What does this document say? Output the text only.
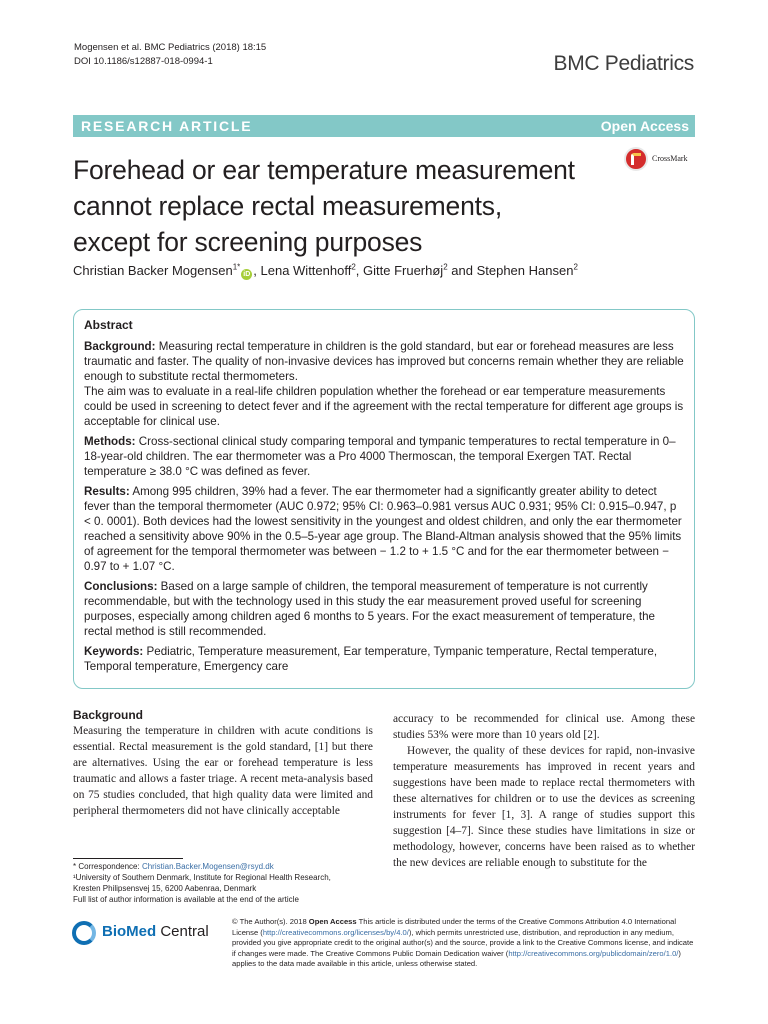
Mogensen et al. BMC Pediatrics (2018) 18:15
DOI 10.1186/s12887-018-0994-1	BMC Pediatrics
RESEARCH ARTICLE	Open Access
Forehead or ear temperature measurement
cannot replace rectal measurements,
except for screening purposes
CrossMark
Christian Backer Mogensen$^{1*}$iD , Lena Wittenhoff$^2$, Gitte Fruerhøj$^2$ and Stephen Hansen$^2$
Abstract
Background: Measuring rectal temperature in children is the gold standard, but ear or forehead measures are less traumatic and faster. The quality of non-invasive devices has improved but concerns remain whether they are reliable enough to substitute rectal thermometers.
The aim was to evaluate in a real-life children population whether the forehead or ear temperature measurements could be used in screening to detect fever and if the agreement with the rectal temperature for different age groups is acceptable for clinical use.
Methods: Cross-sectional clinical study comparing temporal and tympanic temperatures to rectal temperature in 0–18-year-old children. The ear thermometer was a Pro 4000 Thermoscan, the temporal Exergen TAT. Rectal temperature ≥ 38.0 °C was defined as fever.
Results: Among 995 children, 39% had a fever. The ear thermometer had a significantly greater ability to detect fever than the temporal thermometer (AUC 0.972; 95% CI: 0.963–0.981 versus AUC 0.931; 95% CI: 0.915–0.947, p < 0. 0001). Both devices had the lowest sensitivity in the youngest and oldest children, and only the ear thermometer reached a sensitivity above 90% in the 0.5–5-year age group. The Bland-Altman analysis showed that the 95% limits of agreement for the temporal thermometer was between − 1.2 to + 1.5 °C and for the ear thermometer between − 0.97 to + 1.07 °C.
Conclusions: Based on a large sample of children, the temporal measurement of temperature is not currently recommendable, but with the technology used in this study the ear measurement proved useful for screening purposes, especially among children aged 6 months to 5 years. For the exact measurement of temperature, the rectal method is still recommended.
Keywords: Pediatric, Temperature measurement, Ear temperature, Tympanic temperature, Rectal temperature, Temporal temperature, Emergency care
Background
Measuring the temperature in children with acute conditions is essential. Rectal measurement is the gold standard, [1] but there are alternatives. Using the ear or forehead temperature is less traumatic and allows a faster triage. A recent meta-analysis based on 75 studies concluded, that high quality data were limited and peripheral thermometers did not have clinically acceptable
accuracy to be recommended for clinical use. Among these studies 53% were more than 10 years old [2].
However, the quality of these devices for rapid, non-invasive temperature measurements has improved in recent years and suggestions have been made to replace rectal thermometers with these alternatives for children or to use the devices as screening instruments for fever [1, 3]. A range of studies support this suggestion [4–7]. Since these studies have limitations in size or methodology, however, concerns have been raised as to whether the new devices are reliable enough to substitute for the
* Correspondence: Christian.Backer.Mogensen@rsyd.dk
¹University of Southern Denmark, Institute for Regional Health Research,
Kresten Philipsensvej 15, 6200 Aabenraa, Denmark
Full list of author information is available at the end of the article
BioMed Central
© The Author(s). 2018 Open Access This article is distributed under the terms of the Creative Commons Attribution 4.0 International License (http://creativecommons.org/licenses/by/4.0/), which permits unrestricted use, distribution, and reproduction in any medium, provided you give appropriate credit to the original author(s) and the source, provide a link to the Creative Commons license, and indicate if changes were made. The Creative Commons Public Domain Dedication waiver (http://creativecommons.org/publicdomain/zero/1.0/) applies to the data made available in this article, unless otherwise stated.
